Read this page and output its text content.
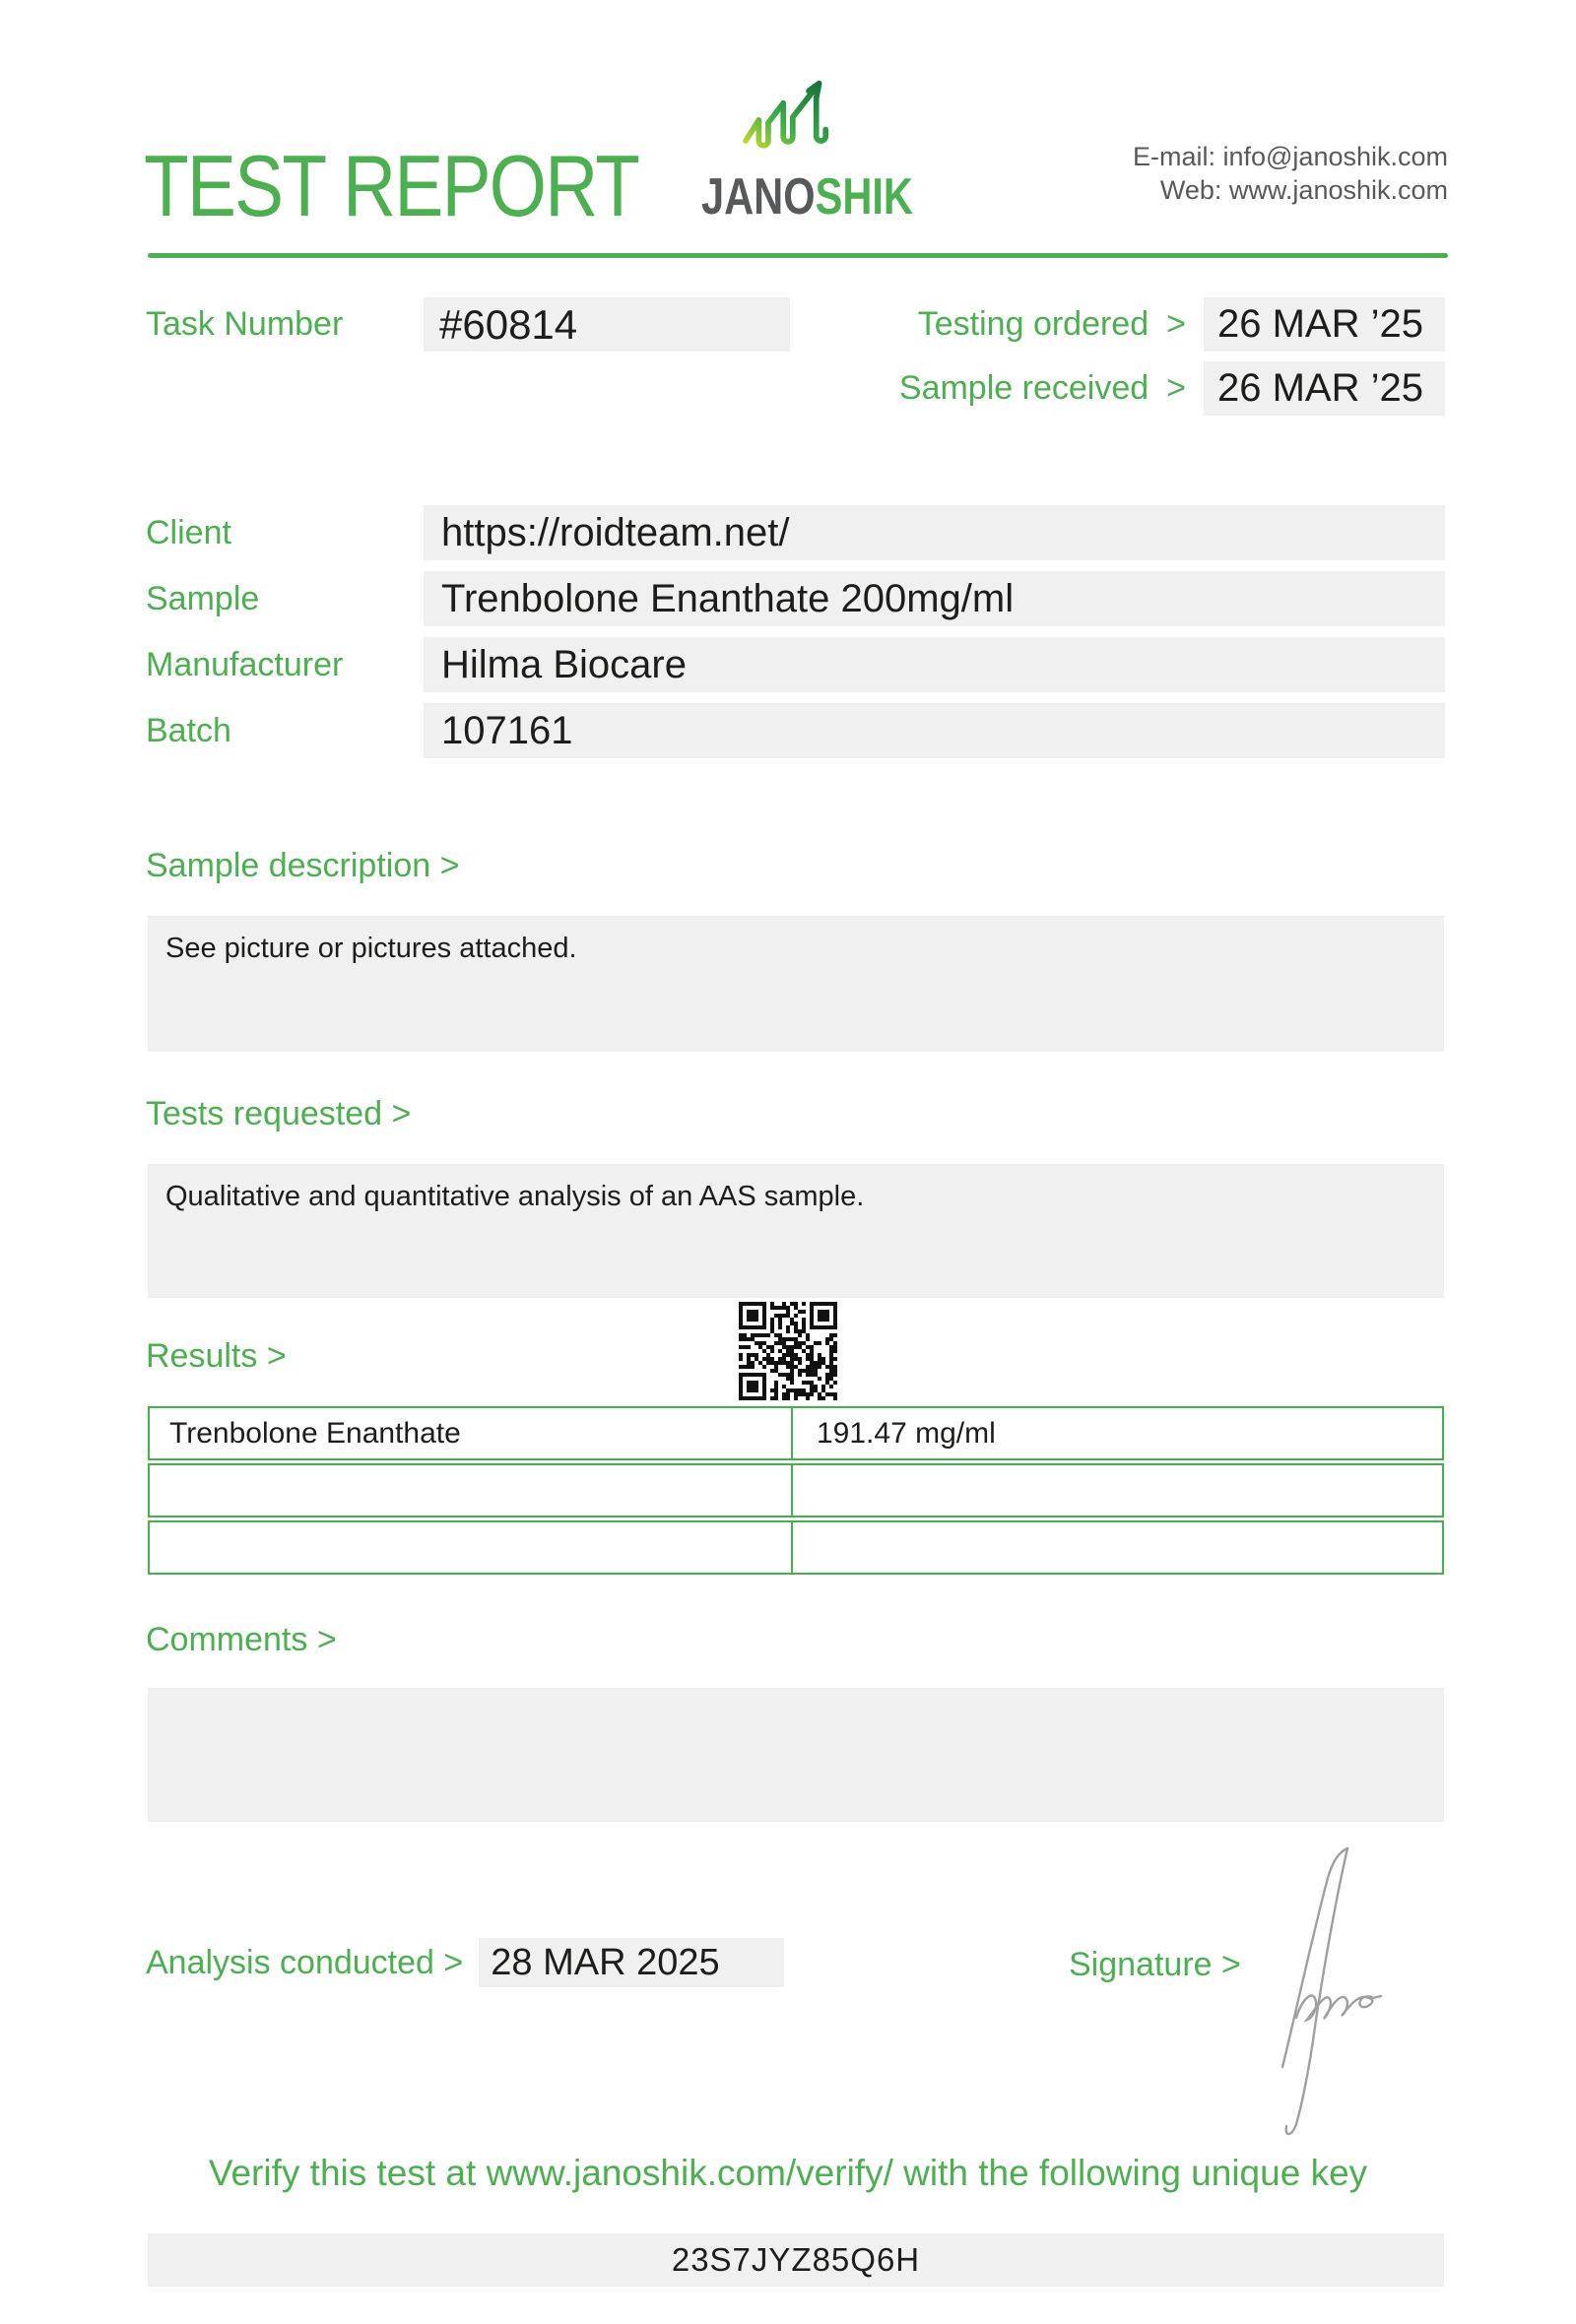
TEST REPORT JANOSHIK
E-mail: info@janoshik.com
Web: www.janoshik.com
Task Number	#60814	Testing ordered > 26 MAR ’25
Sample received > 26 MAR ’25
Client	https://roidteam.net/
Sample	Trenbolone Enanthate 200mg/ml
Manufacturer	Hilma Biocare
Batch	107161
Sample description >

See picture or pictures attached.

Tests requested >

Qualitative and quantitative analysis of an AAS sample.

Results >
Trenbolone Enanthate	191.47 mg/ml
Comments >

Analysis conducted > 28 MAR 2025	Signature >
Verify this test at www.janoshik.com/verify/ with the following unique key
23S7JYZ85Q6H
